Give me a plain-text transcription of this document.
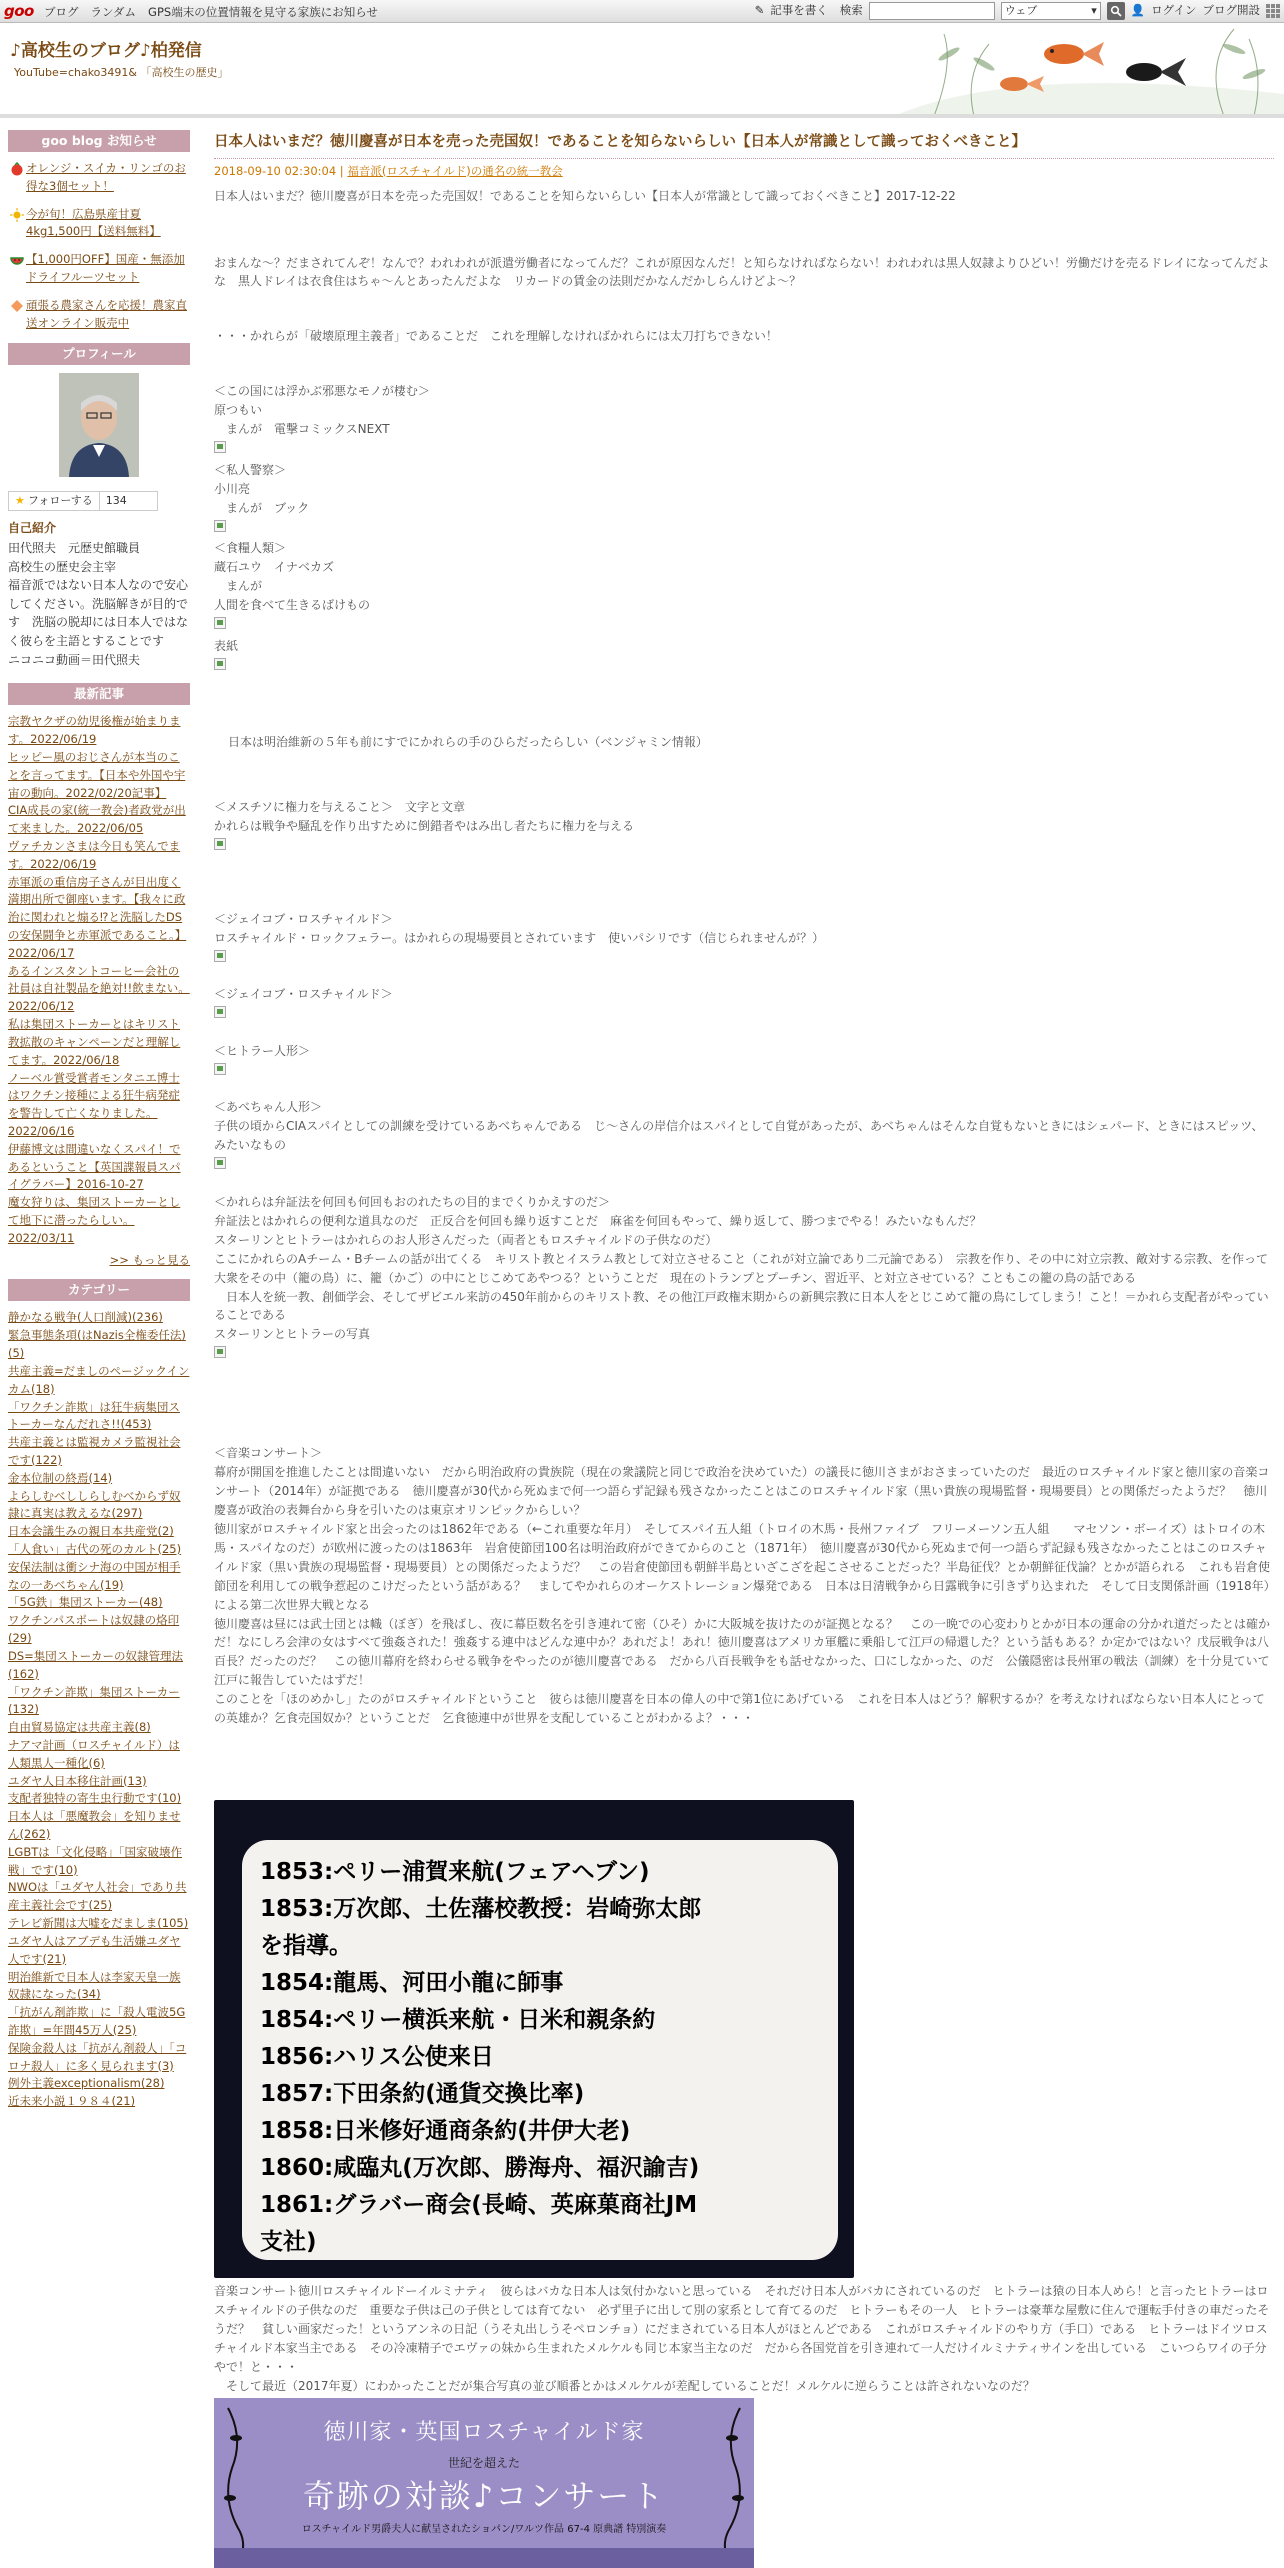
goo ブログ ランダム GPS端末の位置情報を見守る家族にお知らせ	✎ 記事を書く 検索	ウェブ	▾	👤 ログイン ブログ開設
♪高校生のブログ♪柏発信
YouTube=chako3491& 「高校生の歴史」
goo blog お知らせ
オレンジ・スイカ・リンゴのお得な3個セット！
今が旬！広島県産甘夏4kg1,500円【送料無料】
【1,000円OFF】国産・無添加ドライフルーツセット
頑張る農家さんを応援！農家直送オンライン販売中
プロフィール
★ フォローする	134
自己紹介
田代照夫　元歴史館職員
高校生の歴史会主宰
福音派ではない日本人なので安心してください。洗脳解きが目的です　洗脳の脱却には日本人ではなく彼らを主語とすることです
ニコニコ動画＝田代照夫
最新記事
宗教ヤクザの幼児後権が始まります。2022/06/19
ヒッピー風のおじさんが本当のことを言ってます。【日本や外国や宇宙の動向。2022/02/20記事】
CIA成長の家(統一教会)者政党が出て来ました。2022/06/05
ヴァチカンさまは今日も笑んでます。2022/06/19
赤軍派の重信房子さんが目出度く満期出所で御座います。【我々に政治に関われと煽る⁉と洗脳したDSの安保闘争と赤軍派であること。】2022/06/17
あるインスタントコーヒー会社の社員は自社製品を絶対!!飲まない。2022/06/12
私は集団ストーカーとはキリスト教拡散のキャンペーンだと理解してます。2022/06/18
ノーベル賞受賞者モンタニエ博士はワクチン接種による狂牛病発症を警告して亡くなりました。2022/06/16
伊藤博文は間違いなくスパイ！であるということ【英国諜報員スパイグラバー】2016-10-27
魔女狩りは、集団ストーカーとして地下に潜ったらしい。2022/03/11
>> もっと見る
カテゴリー
静かなる戦争(人口削減)(236)
緊急事態条項(はNazis全権委任法)(5)
共産主義=だましのページックインカム(18)
「ワクチン詐欺」は狂牛病集団ストーカーなんだれさ!!(453)
共産主義とは監視カメラ監視社会です(122)
金本位制の終焉(14)
よらしむべししらしむべからず奴隷に真実は教えるな(297)
日本会議生みの親日本共産党(2)
「人食い」古代の死のカルト(25)
安保法制は衝シナ海の中国が相手なの一あべちゃん(19)
「5G鉄」集団ストーカー(48)
ワクチンパスポートは奴隷の烙印(29)
DS=集団ストーカーの奴隷管理法(162)
「ワクチン詐欺」集団ストーカー(132)
自由貿易協定は共産主義(8)
ナアマ計画（ロスチャイルド）は人類黒人一種化(6)
ユダヤ人日本移住計画(13)
支配者独特の寄生虫行動です(10)
日本人は「悪魔教会」を知りません(262)
LGBTは「文化侵略」「国家破壊作戦」です(10)
NWOは「ユダヤ人社会」であり共産主義社会です(25)
テレビ新聞は大嘘をだましま(105)
ユダヤ人はアブデも生活嫌ユダヤ人です(21)
明治維新で日本人は李家天皇一族奴隷になった(34)
「抗がん剤詐欺」に「殺人電波5G詐欺」=年間45万人(25)
保険金殺人は「抗がん剤殺人」「コロナ殺人」に多く見られます(3)
例外主義exceptionalism(28)
近未来小説１９８４(21)
日本人はいまだ？徳川慶喜が日本を売った売国奴！であることを知らないらしい【日本人が常識として識っておくべきこと】
2018-09-10 02:30:04 | 福音派(ロスチャイルド)の通名の統一教会
日本人はいまだ？徳川慶喜が日本を売った売国奴！であることを知らないらしい【日本人が常識として識っておくべきこと】2017-12-22
おまんな～？だまされてんぞ！なんで？われわれが派遣労働者になってんだ？これが原因なんだ！と知らなければならない！われわれは黒人奴隷よりひどい！労働だけを売るドレイになってんだよな　黒人ドレイは衣食住はちゃ～んとあったんだよな　リカードの賃金の法則だかなんだかしらんけどよ～？
・・・かれらが「破壊原理主義者」であることだ　これを理解しなければかれらには太刀打ちできない！
＜この国には浮かぶ邪悪なモノが棲む＞
原つもい
　まんが　電撃コミックスNEXT
＜私人警察＞
小川亮
　まんが　ブック
＜食糧人類＞
蔵石ユウ　イナベカズ
　まんが
人間を食べて生きるばけもの
表紙
日本は明治維新の５年も前にすでにかれらの手のひらだったらしい（ベンジャミン情報）
＜メスチソに権力を与えること＞　文字と文章
かれらは戦争や騒乱を作り出すために倒錯者やはみ出し者たちに権力を与える
＜ジェイコブ・ロスチャイルド＞
ロスチャイルド・ロックフェラー。はかれらの現場要員とされています　使いパシリです（信じられませんが？）
＜ジェイコブ・ロスチャイルド＞
＜ヒトラー人形＞
＜あべちゃん人形＞
子供の頃からCIAスパイとしての訓練を受けているあべちゃんである　じ～さんの岸信介はスパイとして自覚があったが、あべちゃんはそんな自覚もないときにはシェパード、ときにはスピッツ、みたいなもの
＜かれらは弁証法を何回も何回もおのれたちの目的までくりかえすのだ＞
弁証法とはかれらの便利な道具なのだ　正反合を何回も繰り返すことだ　麻雀を何回もやって、繰り返して、勝つまでやる！みたいなもんだ？
スターリンとヒトラーはかれらのお人形さんだった（両者ともロスチャイルドの子供なのだ）
ここにかれらのAチーム・Bチームの話が出てくる　キリスト教とイスラム教として対立させること（これが対立論であり二元論である）　宗教を作り、その中に対立宗教、敵対する宗教、を作って大衆をその中（籠の鳥）に、籠（かご）の中にとじこめてあやつる？ということだ　現在のトランプとプーチン、習近平、と対立させている？こともこの籠の鳥の話である
　日本人を統一教、創価学会、そしてザビエル来訪の450年前からのキリスト教、その他江戸政権末期からの新興宗教に日本人をとじこめて籠の鳥にしてしまう！こと！＝かれら支配者がやっていることである
スターリンとヒトラーの写真
＜音楽コンサート＞
幕府が開国を推進したことは間違いない　だから明治政府の貴族院（現在の衆議院と同じで政治を決めていた）の議長に徳川さまがおさまっていたのだ　最近のロスチャイルド家と徳川家の音楽コンサート（2014年）が証拠である　徳川慶喜が30代から死ぬまで何一つ語らず記録も残さなかったことはこのロスチャイルド家（黒い貴族の現場監督・現場要員）との関係だったようだ？　徳川慶喜が政治の表舞台から身を引いたのは東京オリンピックからしい？
徳川家がロスチャイルド家と出会ったのは1862年である（←これ重要な年月）　そしてスパイ五人組（トロイの木馬・長州ファイブ　フリーメーソン五人組　　マセソン・ボーイズ）はトロイの木馬・スパイなのだ）が欧州に渡ったのは1863年　岩倉使節団100名は明治政府ができてからのこと（1871年）　徳川慶喜が30代から死ぬまで何一つ語らず記録も残さなかったことはこのロスチャイルド家（黒い貴族の現場監督・現場要員）との関係だったようだ？　この岩倉使節団も朝鮮半島といざこざを起こさせることだった？半島征伐？とか朝鮮征伐論？とかが語られる　これも岩倉使節団を利用しての戦争惹起のこけだったという話がある？　ましてやかれらのオーケストレーション爆発である　日本は日清戦争から日露戦争に引きずり込まれた　そして日支関係計画（1918年）による第二次世界大戦となる
徳川慶喜は昼には武士団とは幟（ぼぎ）を飛ばし、夜に幕臣数名を引き連れて密（ひそ）かに大阪城を抜けたのが証拠となる？　この一晩での心変わりとかが日本の運命の分かれ道だったとは確かだ！なにしろ会津の女はすべて強姦された！強姦する連中はどんな連中か？あれだよ！あれ！徳川慶喜はアメリカ軍艦に乗船して江戸の帰還した？という話もある？か定かではない？戊辰戦争は八百長？だったのだ？　この徳川幕府を終わらせる戦争をやったのが徳川慶喜である　だから八百長戦争をも話せなかった、口にしなかった、のだ　公儀隠密は長州軍の戦法（訓練）を十分見ていて江戸に報告していたはずだ！
このことを「ほのめかし」たのがロスチャイルドということ　彼らは徳川慶喜を日本の偉人の中で第1位にあげている　これを日本人はどう？解釈するか？を考えなければならない日本人にとっての英雄か？乞食売国奴か？ということだ　乞食徳連中が世界を支配していることがわかるよ？・・・
1853:ペリー浦賀来航(フェアヘブン)
1853:万次郎、土佐藩校教授：岩崎弥太郎
を指導。
1854:龍馬、河田小龍に師事
1854:ペリー横浜来航・日米和親条約
1856:ハリス公使来日
1857:下田条約(通貨交換比率)
1858:日米修好通商条約(井伊大老)
1860:咸臨丸(万次郎、勝海舟、福沢諭吉)
1861:グラバー商会(長崎、英麻菓商社JM
支社)
音楽コンサート徳川ロスチャイルドーイルミナティ　彼らはバカな日本人は気付かないと思っている　それだけ日本人がバカにされているのだ　ヒトラーは猿の日本人めら！と言ったヒトラーはロスチャイルドの子供なのだ　重要な子供は己の子供としては育てない　必ず里子に出して別の家系として育てるのだ　ヒトラーもその一人　ヒトラーは豪華な屋敷に住んで運転手付きの車だったそうだ？　貧しい画家だった！というアンネの日記（うそ丸出しうそペロンチョ）にだまされている日本人がほとんどである　これがロスチャイルドのやり方（手口）である　ヒトラーはドイツロスチャイルド本家当主である　その冷凍精子でエヴァの妹から生まれたメルケルも同じ本家当主なのだ　だから各国党首を引き連れて一人だけイルミナティサインを出している　こいつらワイの子分やで！と・・・
　そして最近（2017年夏）にわかったことだが集合写真の並び順番とかはメルケルが差配していることだ！メルケルに逆らうことは許されないなのだ？
徳川家・英国ロスチャイルド家
世紀を超えた
奇跡の対談♪コンサート
ロスチャイルド男爵夫人に献呈されたショパン/ワルツ作品 67-4 原典譜 特別演奏
